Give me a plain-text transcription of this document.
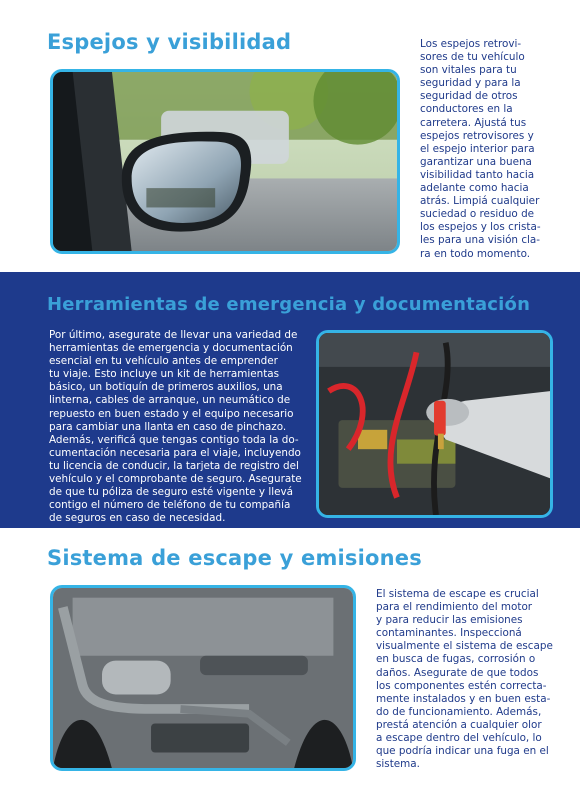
Espejos y visibilidad	Los espejos retrovi-
sores de tu vehículo
son vitales para tu
seguridad y para la
seguridad de otros
conductores en la
carretera. Ajustá tus
espejos retrovisores y
el espejo interior para
garantizar una buena
visibilidad tanto hacia
adelante como hacia
atrás. Limpiá cualquier
suciedad o residuo de
los espejos y los crista-
les para una visión cla-
ra en todo momento.
Herramientas de emergencia y documentación
Por último, asegurate de llevar una variedad de
herramientas de emergencia y documentación
esencial en tu vehículo antes de emprender
tu viaje. Esto incluye un kit de herramientas
básico, un botiquín de primeros auxilios, una
linterna, cables de arranque, un neumático de
repuesto en buen estado y el equipo necesario
para cambiar una llanta en caso de pinchazo.
Además, verificá que tengas contigo toda la do-
cumentación necesaria para el viaje, incluyendo
tu licencia de conducir, la tarjeta de registro del
vehículo y el comprobante de seguro. Asegurate
de que tu póliza de seguro esté vigente y llevá
contigo el número de teléfono de tu compañía
de seguros en caso de necesidad.
Sistema de escape y emisiones
El sistema de escape es crucial
para el rendimiento del motor
y para reducir las emisiones
contaminantes. Inspeccioná
visualmente el sistema de escape
en busca de fugas, corrosión o
daños. Asegurate de que todos
los componentes estén correcta-
mente instalados y en buen esta-
do de funcionamiento. Además,
prestá atención a cualquier olor
a escape dentro del vehículo, lo
que podría indicar una fuga en el
sistema.
